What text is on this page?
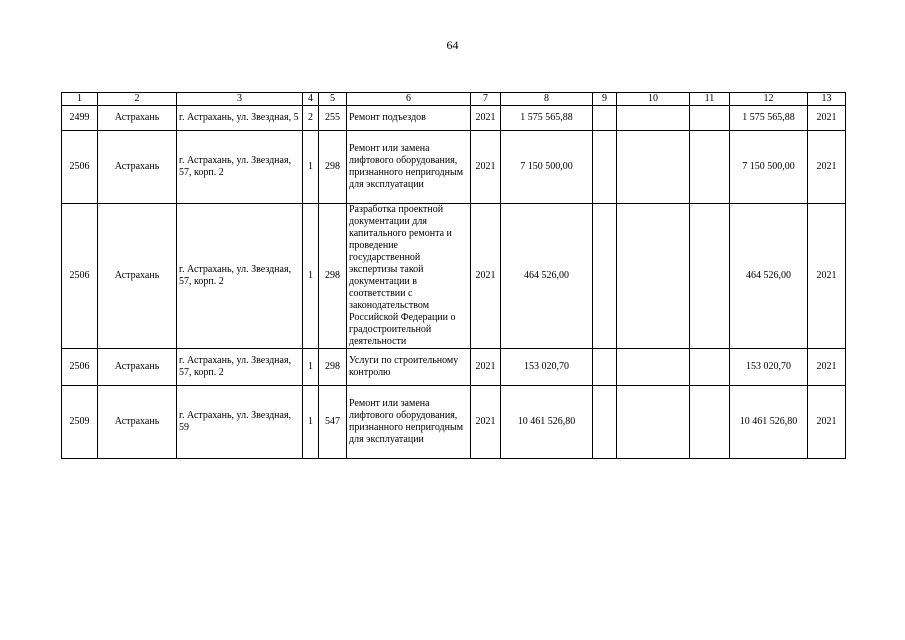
64
1	2	3	4	5	6	7	8	9	10	11	12	13
2499	Астрахань	г. Астрахань, ул. Звездная, 5	2	255	Ремонт подъездов	2021	1 575 565,88				1 575 565,88	2021
2506	Астрахань	г. Астрахань, ул. Звездная, 57, корп. 2	1	298	Ремонт или замена лифтового оборудования, признанного непригодным для эксплуатации	2021	7 150 500,00				7 150 500,00	2021
2506	Астрахань	г. Астрахань, ул. Звездная, 57, корп. 2	1	298	Разработка проектной документации для капитального ремонта и проведение государственной экспертизы такой документации в соответствии с законодательством Российской Федерации о градостроительной деятельности	2021	464 526,00				464 526,00	2021
2506	Астрахань	г. Астрахань, ул. Звездная, 57, корп. 2	1	298	Услуги по строительному контролю	2021	153 020,70				153 020,70	2021
2509	Астрахань	г. Астрахань, ул. Звездная, 59	1	547	Ремонт или замена лифтового оборудования, признанного непригодным для эксплуатации	2021	10 461 526,80				10 461 526,80	2021
